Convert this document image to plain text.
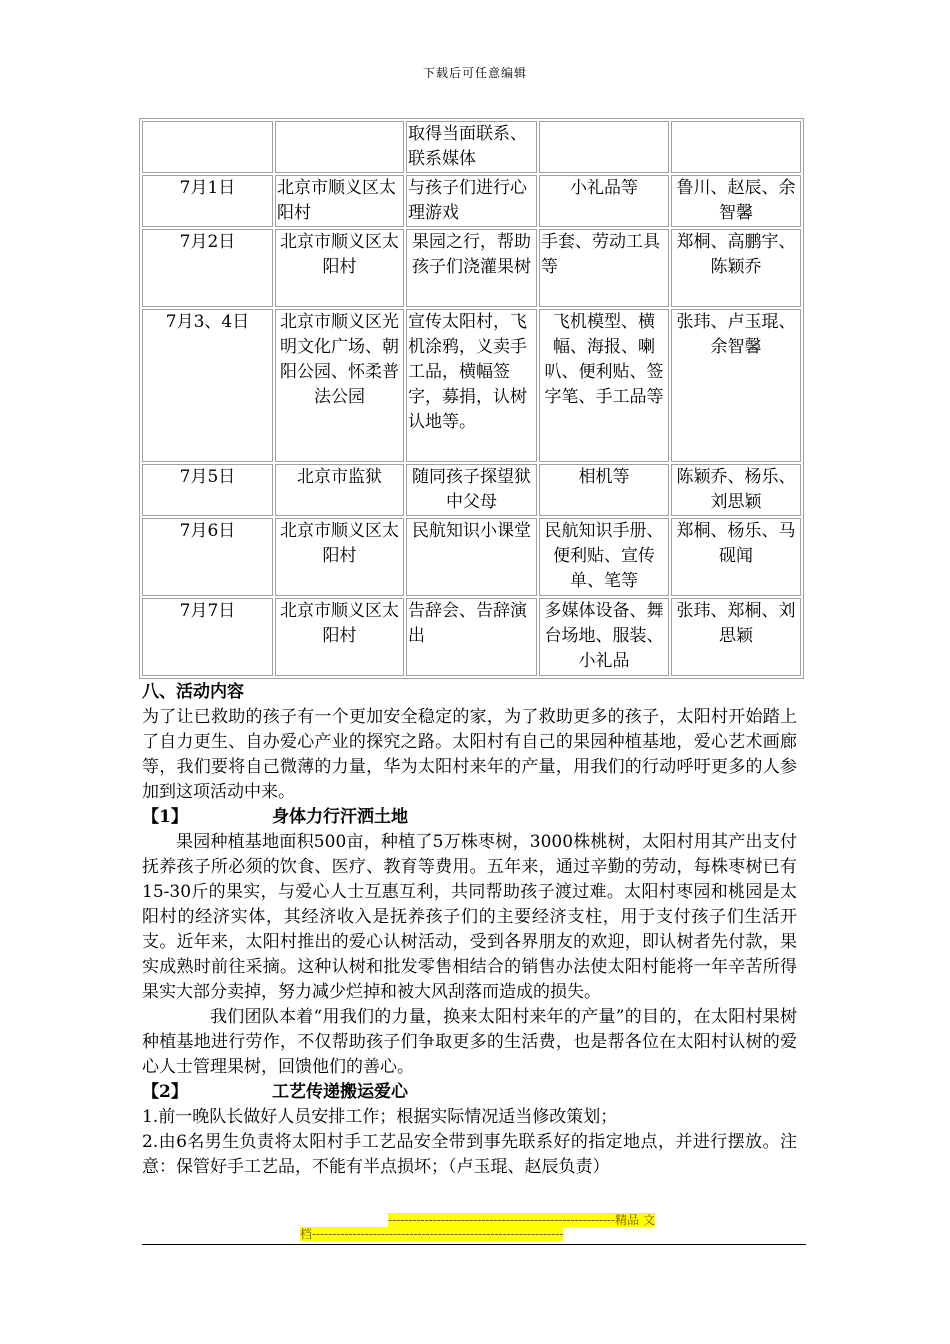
下载后可任意编辑
		取得当面联系、联系媒体		
7月1日	北京市顺义区太阳村	与孩子们进行心理游戏	小礼品等	鲁川、赵辰、余智馨
7月2日	北京市顺义区太阳村	果园之行，帮助孩子们浇灌果树	手套、劳动工具等	郑桐、高鹏宇、陈颖乔
7月3、4日	北京市顺义区光明文化广场、朝阳公园、怀柔普法公园	宣传太阳村，飞机涂鸦，义卖手工品，横幅签字，募捐，认树认地等。	飞机模型、横幅、海报、喇叭、便利贴、签字笔、手工品等	张玮、卢玉琨、余智馨
7月5日	北京市监狱	随同孩子探望狱中父母	相机等	陈颖乔、杨乐、刘思颖
7月6日	北京市顺义区太阳村	民航知识小课堂	民航知识手册、便利贴、宣传单、笔等	郑桐、杨乐、马砚闻
7月7日	北京市顺义区太阳村	告辞会、告辞演出	多媒体设备、舞台场地、服装、小礼品	张玮、郑桐、刘思颖

八、活动内容

为了让已救助的孩子有一个更加安全稳定的家，为了救助更多的孩子，太阳村开始踏上了自力更生、自办爱心产业的探究之路。太阳村有自己的果园种植基地，爱心艺术画廊等，我们要将自己微薄的力量，华为太阳村来年的产量，用我们的行动呼吁更多的人参加到这项活动中来。

【1】	身体力行汗洒土地

果园种植基地面积500亩，种植了5万株枣树，3000株桃树，太阳村用其产出支付抚养孩子所必须的饮食、医疗、教育等费用。五年来，通过辛勤的劳动，每株枣树已有15-30斤的果实，与爱心人士互惠互利，共同帮助孩子渡过难。太阳村枣园和桃园是太阳村的经济实体，其经济收入是抚养孩子们的主要经济支柱，用于支付孩子们生活开支。近年来，太阳村推出的爱心认树活动，受到各界朋友的欢迎，即认树者先付款，果实成熟时前往采摘。这种认树和批发零售相结合的销售办法使太阳村能将一年辛苦所得果实大部分卖掉，努力减少烂掉和被大风刮落而造成的损失。

我们团队本着“用我们的力量，换来太阳村来年的产量”的目的，在太阳村果树种植基地进行劳作，不仅帮助孩子们争取更多的生活费，也是帮各位在太阳村认树的爱心人士管理果树，回馈他们的善心。

【2】	工艺传递搬运爱心

1.前一晚队长做好人员安排工作；根据实际情况适当修改策划；

2.由6名男生负责将太阳村手工艺品安全带到事先联系好的指定地点，并进行摆放。注意：保管好手工艺品，不能有半点损坏；（卢玉琨、赵辰负责）

--------------------------------------------------------精品 文
档--------------------------------------------------------------
